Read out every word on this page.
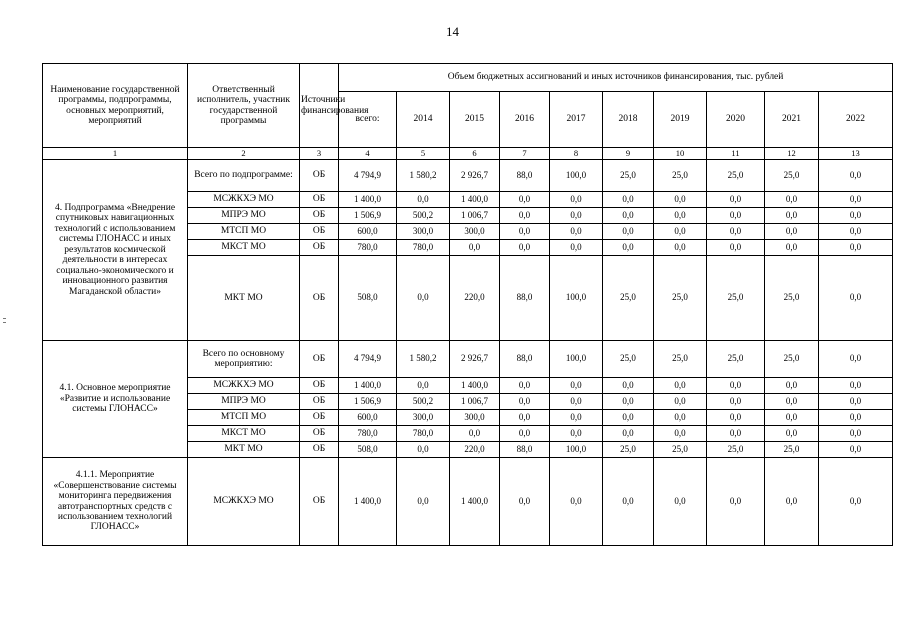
14
Наименование государственной программы, подпрограммы, основных мероприятий, мероприятий	Ответственный исполнитель, участник государственной программы	Источники финансирования	Объем бюджетных ассигнований и иных источников финансирования, тыс. рублей									
			всего:	2014	2015	2016	2017	2018	2019	2020	2021	2022
1	2	3	4	5	6	7	8	9	10	11	12	13
4. Подпрограмма «Внедрение спутниковых навигационных технологий с использованием системы ГЛОНАСС и иных результатов космической деятельности в интересах социально-экономического и инновационного развития Магаданской области»	Всего по подпрограмме:	ОБ	4 794,9	1 580,2	2 926,7	88,0	100,0	25,0	25,0	25,0	25,0	0,0
	МСЖКХЭ МО	ОБ	1 400,0	0,0	1 400,0	0,0	0,0	0,0	0,0	0,0	0,0	0,0
	МПРЭ МО	ОБ	1 506,9	500,2	1 006,7	0,0	0,0	0,0	0,0	0,0	0,0	0,0
	МТСП МО	ОБ	600,0	300,0	300,0	0,0	0,0	0,0	0,0	0,0	0,0	0,0
	МКСТ МО	ОБ	780,0	780,0	0,0	0,0	0,0	0,0	0,0	0,0	0,0	0,0
	МКТ МО	ОБ	508,0	0,0	220,0	88,0	100,0	25,0	25,0	25,0	25,0	0,0
4.1. Основное мероприятие «Развитие и использование системы ГЛОНАСС»	Всего по основному мероприятию:	ОБ	4 794,9	1 580,2	2 926,7	88,0	100,0	25,0	25,0	25,0	25,0	0,0
	МСЖКХЭ МО	ОБ	1 400,0	0,0	1 400,0	0,0	0,0	0,0	0,0	0,0	0,0	0,0
	МПРЭ МО	ОБ	1 506,9	500,2	1 006,7	0,0	0,0	0,0	0,0	0,0	0,0	0,0
	МТСП МО	ОБ	600,0	300,0	300,0	0,0	0,0	0,0	0,0	0,0	0,0	0,0
	МКСТ МО	ОБ	780,0	780,0	0,0	0,0	0,0	0,0	0,0	0,0	0,0	0,0
	МКТ МО	ОБ	508,0	0,0	220,0	88,0	100,0	25,0	25,0	25,0	25,0	0,0
4.1.1. Мероприятие «Совершенствование системы мониторинга передвижения автотранспортных средств с использованием технологий ГЛОНАСС»	МСЖКХЭ МО	ОБ	1 400,0	0,0	1 400,0	0,0	0,0	0,0	0,0	0,0	0,0	0,0
